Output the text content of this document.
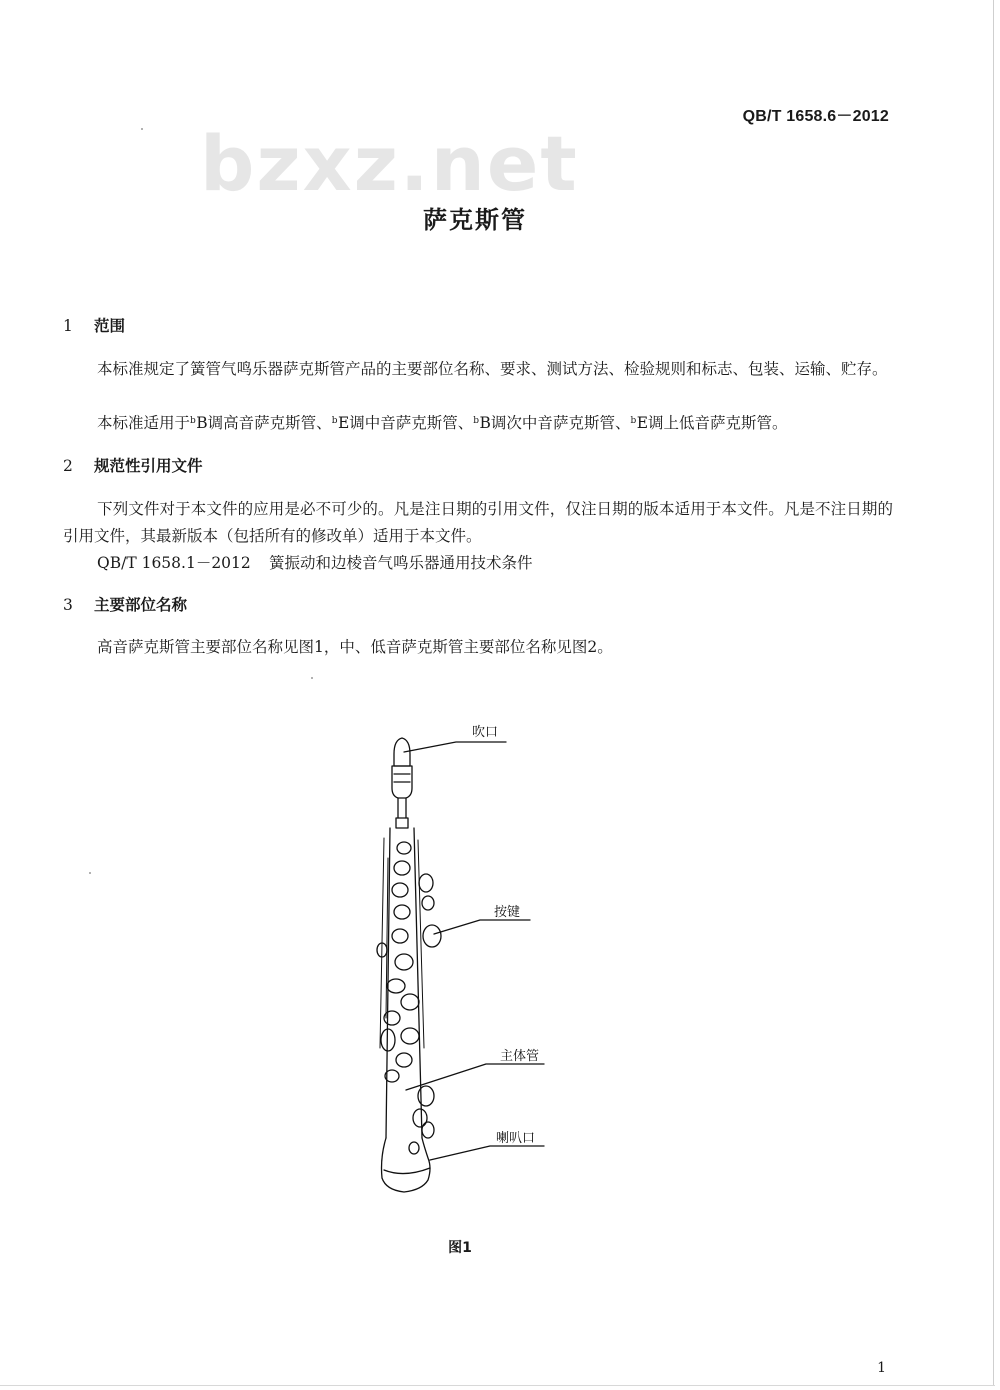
QB/T 1658.6－2012
bzxz.net
萨克斯管
1 范围
本标准规定了簧管气鸣乐器萨克斯管产品的主要部位名称、要求、测试方法、检验规则和标志、包装、运输、贮存。
本标准适用于$^b$B调高音萨克斯管、$^b$E调中音萨克斯管、$^b$B调次中音萨克斯管、$^b$E调上低音萨克斯管。
2 规范性引用文件
下列文件对于本文件的应用是必不可少的。凡是注日期的引用文件，仅注日期的版本适用于本文件。凡是不注日期的引用文件，其最新版本（包括所有的修改单）适用于本文件。
QB/T 1658.1－2012 簧振动和边棱音气鸣乐器通用技术条件
3 主要部位名称
高音萨克斯管主要部位名称见图1，中、低音萨克斯管主要部位名称见图2。
吹口
按键
主体管
喇叭口
图1
1
